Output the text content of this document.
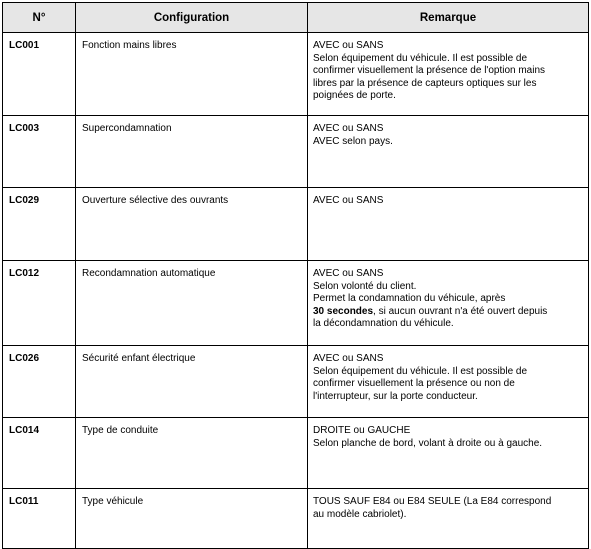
N°	Configuration	Remarque
LC001	Fonction mains libres	AVEC ou SANS
Selon équipement du véhicule. Il est possible de
confirmer visuellement la présence de l'option mains
libres par la présence de capteurs optiques sur les
poignées de porte.

LC003	Supercondamnation	AVEC ou SANS
AVEC selon pays.

LC029	Ouverture sélective des ouvrants	AVEC ou SANS

LC012	Recondamnation automatique	AVEC ou SANS
Selon volonté du client.
Permet la condamnation du véhicule, après
30 secondes, si aucun ouvrant n'a été ouvert depuis
la décondamnation du véhicule.

LC026	Sécurité enfant électrique	AVEC ou SANS
Selon équipement du véhicule. Il est possible de
confirmer visuellement la présence ou non de
l'interrupteur, sur la porte conducteur.

LC014	Type de conduite	DROITE ou GAUCHE
Selon planche de bord, volant à droite ou à gauche.

LC011	Type véhicule	TOUS SAUF E84 ou E84 SEULE (La E84 correspond
au modèle cabriolet).
